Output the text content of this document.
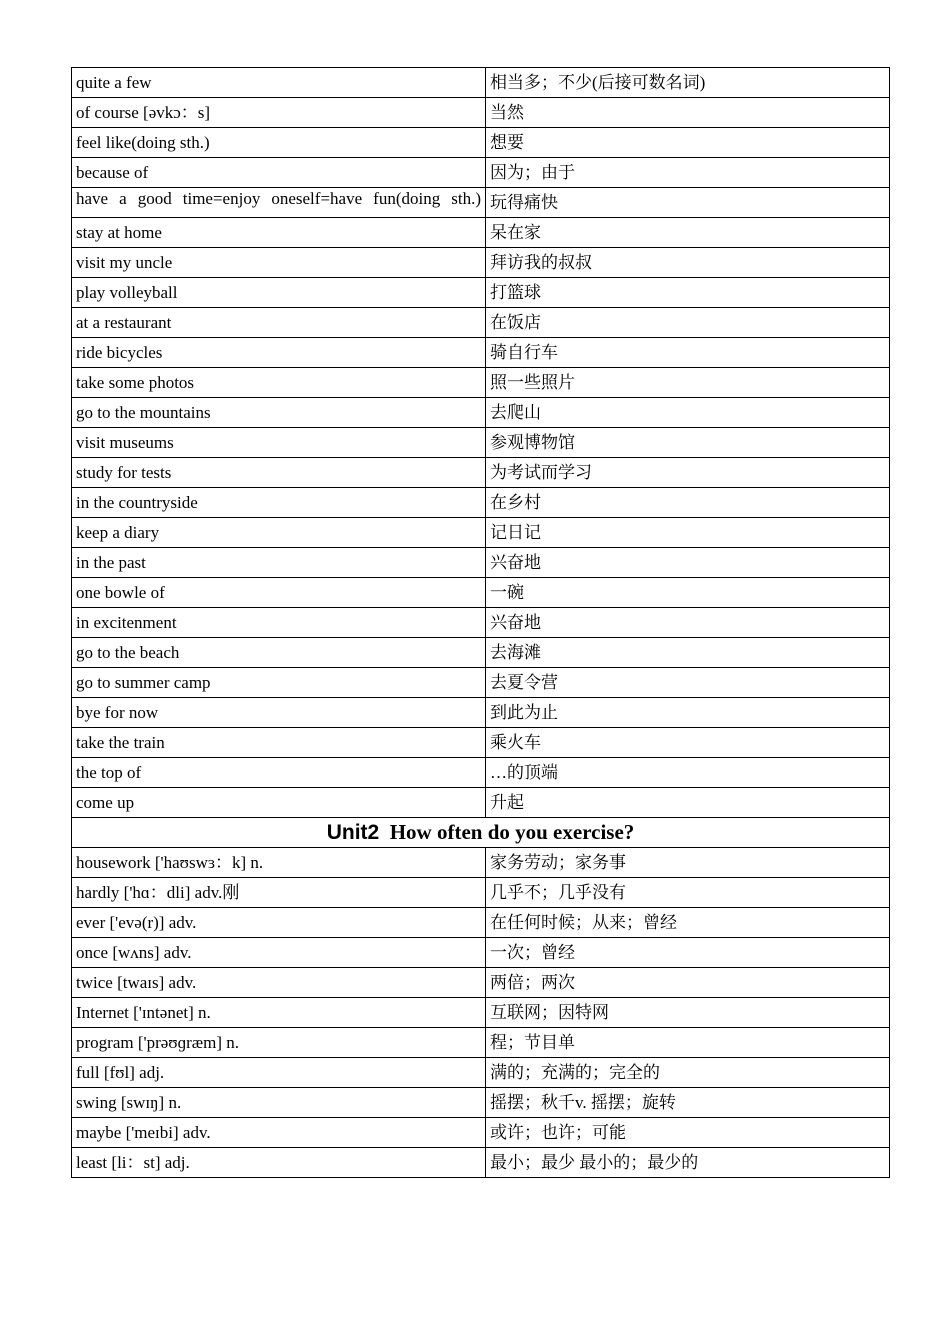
quite a few	相当多；不少(后接可数名词)
of course [əvkɔ：s]	当然
feel like(doing sth.)	想要
because of	因为；由于

have a good time=enjoy oneself=have fun(doing sth.)	玩得痛快
stay at home	呆在家
visit my uncle	拜访我的叔叔
play volleyball	打篮球
at a restaurant	在饭店
ride bicycles	骑自行车
take some photos	照一些照片
go to the mountains	去爬山
visit museums	参观博物馆
study for tests	为考试而学习
in the countryside	在乡村
keep a diary	记日记
in the past	兴奋地
one bowle of	一碗
in excitenment	兴奋地
go to the beach	去海滩
go to summer camp	去夏令营
bye for now	到此为止
take the train	乘火车
the top of	…的顶端
come up	升起
Unit2 How often do you exercise?	
housework ['haʊswɜ：k] n.	家务劳动；家务事
hardly ['hɑ：dli] adv.刚	几乎不；几乎没有
ever ['evə(r)] adv.	在任何时候；从来；曾经
once [wʌns] adv.	一次；曾经
twice [twaɪs] adv.	两倍；两次
Internet ['ɪntənet] n.	互联网；因特网
program ['prəʊɡræm] n.	程；节目单
full [fʊl] adj.	满的；充满的；完全的
swing [swɪŋ] n.	摇摆；秋千v. 摇摆；旋转
maybe ['meɪbi] adv.	或许；也许；可能
least [li：st] adj.	最小；最少 最小的；最少的
